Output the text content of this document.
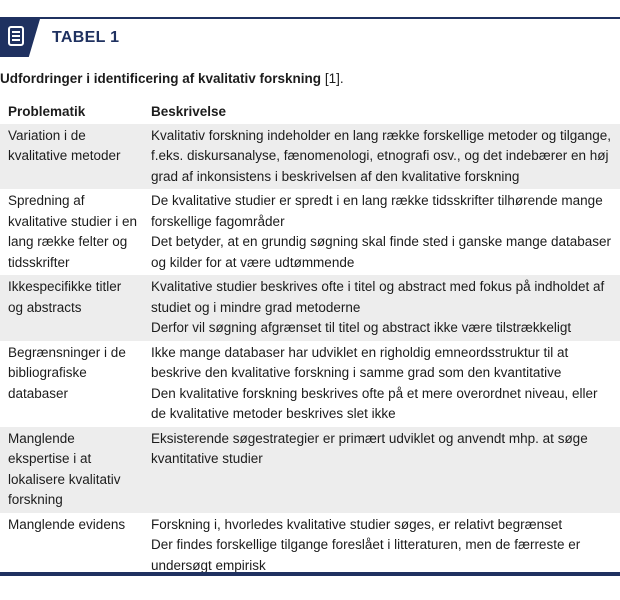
TABEL 1
Udfordringer i identificering af kvalitativ forskning [1].
Problematik	Beskrivelse
Variation i de kvalitative metoder	Kvalitativ forskning indeholder en lang række forskellige metoder og tilgange, f.eks. diskursanalyse, fænomenologi, etnografi osv., og det indebærer en høj grad af inkonsistens i beskrivelsen af den kvalitative forskning

Spredning af kvalitative studier i en lang række felter og tidsskrifter	De kvalitative studier er spredt i en lang række tidsskrifter tilhørende mange forskellige fagområder
Det betyder, at en grundig søgning skal finde sted i ganske mange databaser og kilder for at være udtømmende

Ikkespecifikke titler og abstracts	Kvalitative studier beskrives ofte i titel og abstract med fokus på indholdet af studiet og i mindre grad metoderne
Derfor vil søgning afgrænset til titel og abstract ikke være tilstrækkeligt

Begrænsninger i de bibliografiske databaser	Ikke mange databaser har udviklet en righoldig emneordsstruktur til at beskrive den kvalitative forskning i samme grad som den kvantitative
Den kvalitative forskning beskrives ofte på et mere overordnet niveau, eller de kvalitative metoder beskrives slet ikke

Manglende ekspertise i at lokalisere kvalitativ forskning	Eksisterende søgestrategier er primært udviklet og anvendt mhp. at søge kvantitative studier

Manglende evidens	Forskning i, hvorledes kvalitative studier søges, er relativt begrænset
Der findes forskellige tilgange foreslået i litteraturen, men de færreste er undersøgt empirisk
